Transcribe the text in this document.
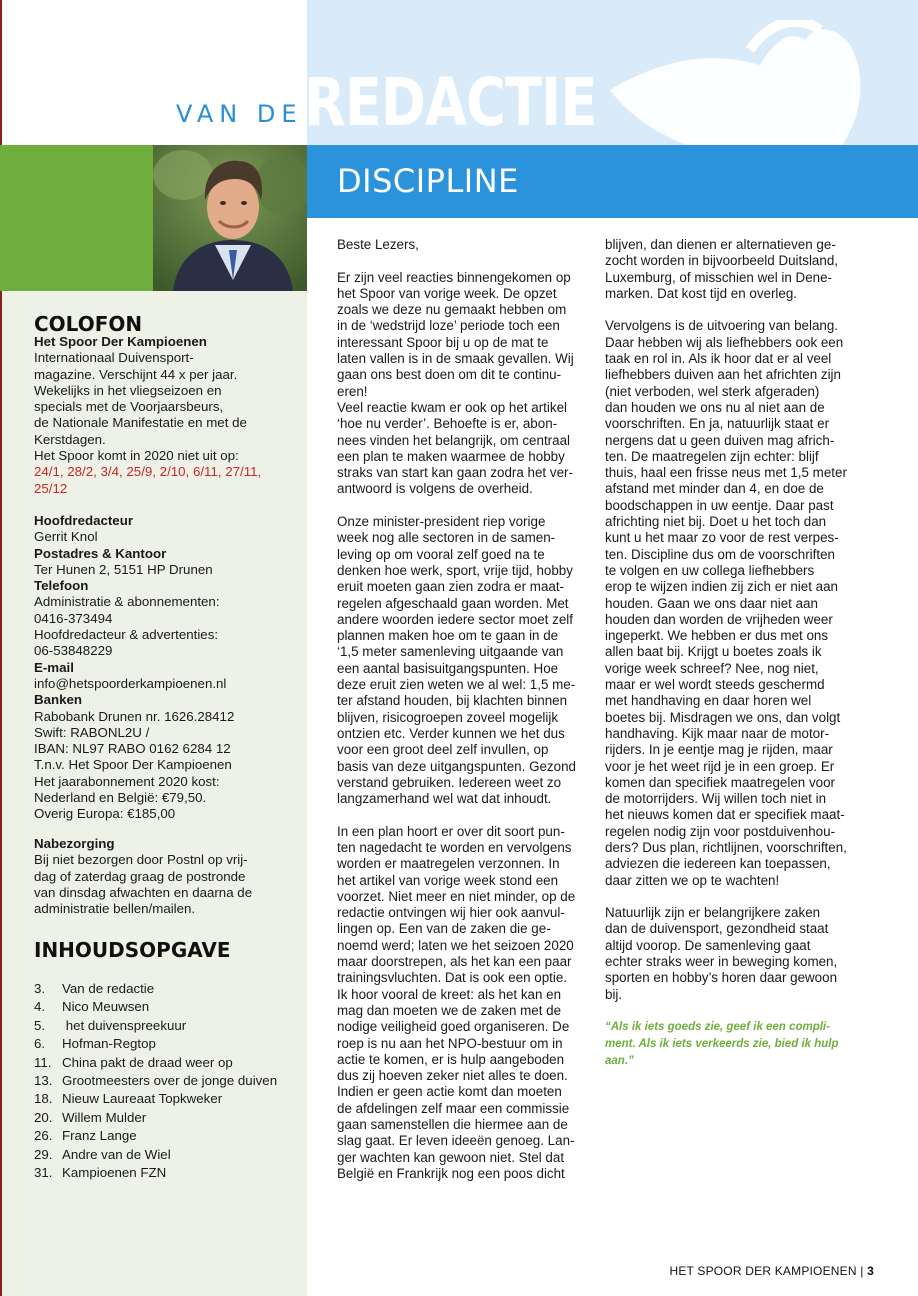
VAN DE REDACTIE
DISCIPLINE
COLOFON
Het Spoor Der Kampioenen
Internationaal Duivensport-
magazine. Verschijnt 44 x per jaar.
Wekelijks in het vliegseizoen en
specials met de Voorjaarsbeurs,
de Nationale Manifestatie en met de
Kerstdagen.
Het Spoor komt in 2020 niet uit op:
24/1, 28/2, 3/4, 25/9, 2/10, 6/11, 27/11,
25/12
Hoofdredacteur
Gerrit Knol
Postadres & Kantoor
Ter Hunen 2, 5151 HP Drunen
Telefoon
Administratie & abonnementen:
0416-373494
Hoofdredacteur & advertenties:
06-53848229
E-mail
info@hetspoorderkampioenen.nl
Banken
Rabobank Drunen nr. 1626.28412
Swift: RABONL2U /
IBAN: NL97 RABO 0162 6284 12
T.n.v. Het Spoor Der Kampioenen
Het jaarabonnement 2020 kost:
Nederland en België: €79,50.
Overig Europa: €185,00
Nabezorging
Bij niet bezorgen door Postnl op vrij-
dag of zaterdag graag de postronde
van dinsdag afwachten en daarna de
administratie bellen/mailen.
INHOUDSOPGAVE
3.	Van de redactie
4.	Nico Meuwsen
5.	het duivenspreekuur
6.	Hofman-Regtop
11. China pakt de draad weer op
13. Grootmeesters over de jonge duiven
18. Nieuw Laureaat Topkweker
20. Willem Mulder
26. Franz Lange
29. Andre van de Wiel
31. Kampioenen FZN

Beste Lezers,

Er zijn veel reacties binnengekomen op
het Spoor van vorige week. De opzet
zoals we deze nu gemaakt hebben om
in de ‘wedstrijd loze’ periode toch een
interessant Spoor bij u op de mat te
laten vallen is in de smaak gevallen. Wij
gaan ons best doen om dit te continu-
eren!

Veel reactie kwam er ook op het artikel
‘hoe nu verder’. Behoefte is er, abon-
nees vinden het belangrijk, om centraal
een plan te maken waarmee de hobby
straks van start kan gaan zodra het ver-
antwoord is volgens de overheid.

Onze minister-president riep vorige
week nog alle sectoren in de samen-
leving op om vooral zelf goed na te
denken hoe werk, sport, vrije tijd, hobby
eruit moeten gaan zien zodra er maat-
regelen afgeschaald gaan worden. Met
andere woorden iedere sector moet zelf
plannen maken hoe om te gaan in de
‘1,5 meter samenleving uitgaande van
een aantal basisuitgangspunten. Hoe
deze eruit zien weten we al wel: 1,5 me-
ter afstand houden, bij klachten binnen
blijven, risicogroepen zoveel mogelijk
ontzien etc. Verder kunnen we het dus
voor een groot deel zelf invullen, op
basis van deze uitgangspunten. Gezond
verstand gebruiken. Iedereen weet zo
langzamerhand wel wat dat inhoudt.

In een plan hoort er over dit soort pun-
ten nagedacht te worden en vervolgens
worden er maatregelen verzonnen. In
het artikel van vorige week stond een
voorzet. Niet meer en niet minder, op de
redactie ontvingen wij hier ook aanvul-
lingen op. Een van de zaken die ge-
noemd werd; laten we het seizoen 2020
maar doorstrepen, als het kan een paar
trainingsvluchten. Dat is ook een optie.
Ik hoor vooral de kreet: als het kan en
mag dan moeten we de zaken met de
nodige veiligheid goed organiseren. De
roep is nu aan het NPO-bestuur om in
actie te komen, er is hulp aangeboden
dus zij hoeven zeker niet alles te doen.
Indien er geen actie komt dan moeten
de afdelingen zelf maar een commissie
gaan samenstellen die hiermee aan de
slag gaat. Er leven ideeën genoeg. Lan-
ger wachten kan gewoon niet. Stel dat
België en Frankrijk nog een poos dicht

blijven, dan dienen er alternatieven ge-
zocht worden in bijvoorbeeld Duitsland,
Luxemburg, of misschien wel in Dene-
marken. Dat kost tijd en overleg.

Vervolgens is de uitvoering van belang.
Daar hebben wij als liefhebbers ook een
taak en rol in. Als ik hoor dat er al veel
liefhebbers duiven aan het africhten zijn
(niet verboden, wel sterk afgeraden)
dan houden we ons nu al niet aan de
voorschriften. En ja, natuurlijk staat er
nergens dat u geen duiven mag africh-
ten. De maatregelen zijn echter: blijf
thuis, haal een frisse neus met 1,5 meter
afstand met minder dan 4, en doe de
boodschappen in uw eentje. Daar past
africhting niet bij. Doet u het toch dan
kunt u het maar zo voor de rest verpes-
ten. Discipline dus om de voorschriften
te volgen en uw collega liefhebbers
erop te wijzen indien zij zich er niet aan
houden. Gaan we ons daar niet aan
houden dan worden de vrijheden weer
ingeperkt. We hebben er dus met ons
allen baat bij. Krijgt u boetes zoals ik
vorige week schreef? Nee, nog niet,
maar er wel wordt steeds geschermd
met handhaving en daar horen wel
boetes bij. Misdragen we ons, dan volgt
handhaving. Kijk maar naar de motor-
rijders. In je eentje mag je rijden, maar
voor je het weet rijd je in een groep. Er
komen dan specifiek maatregelen voor
de motorrijders. Wij willen toch niet in
het nieuws komen dat er specifiek maat-
regelen nodig zijn voor postduivenhou-
ders? Dus plan, richtlijnen, voorschriften,
adviezen die iedereen kan toepassen,
daar zitten we op te wachten!

Natuurlijk zijn er belangrijkere zaken
dan de duivensport, gezondheid staat
altijd voorop. De samenleving gaat
echter straks weer in beweging komen,
sporten en hobby’s horen daar gewoon
bij.

“Als ik iets goeds zie, geef ik een compli-
ment. Als ik iets verkeerds zie, bied ik hulp
aan.”
HET SPOOR DER KAMPIOENEN | 3
